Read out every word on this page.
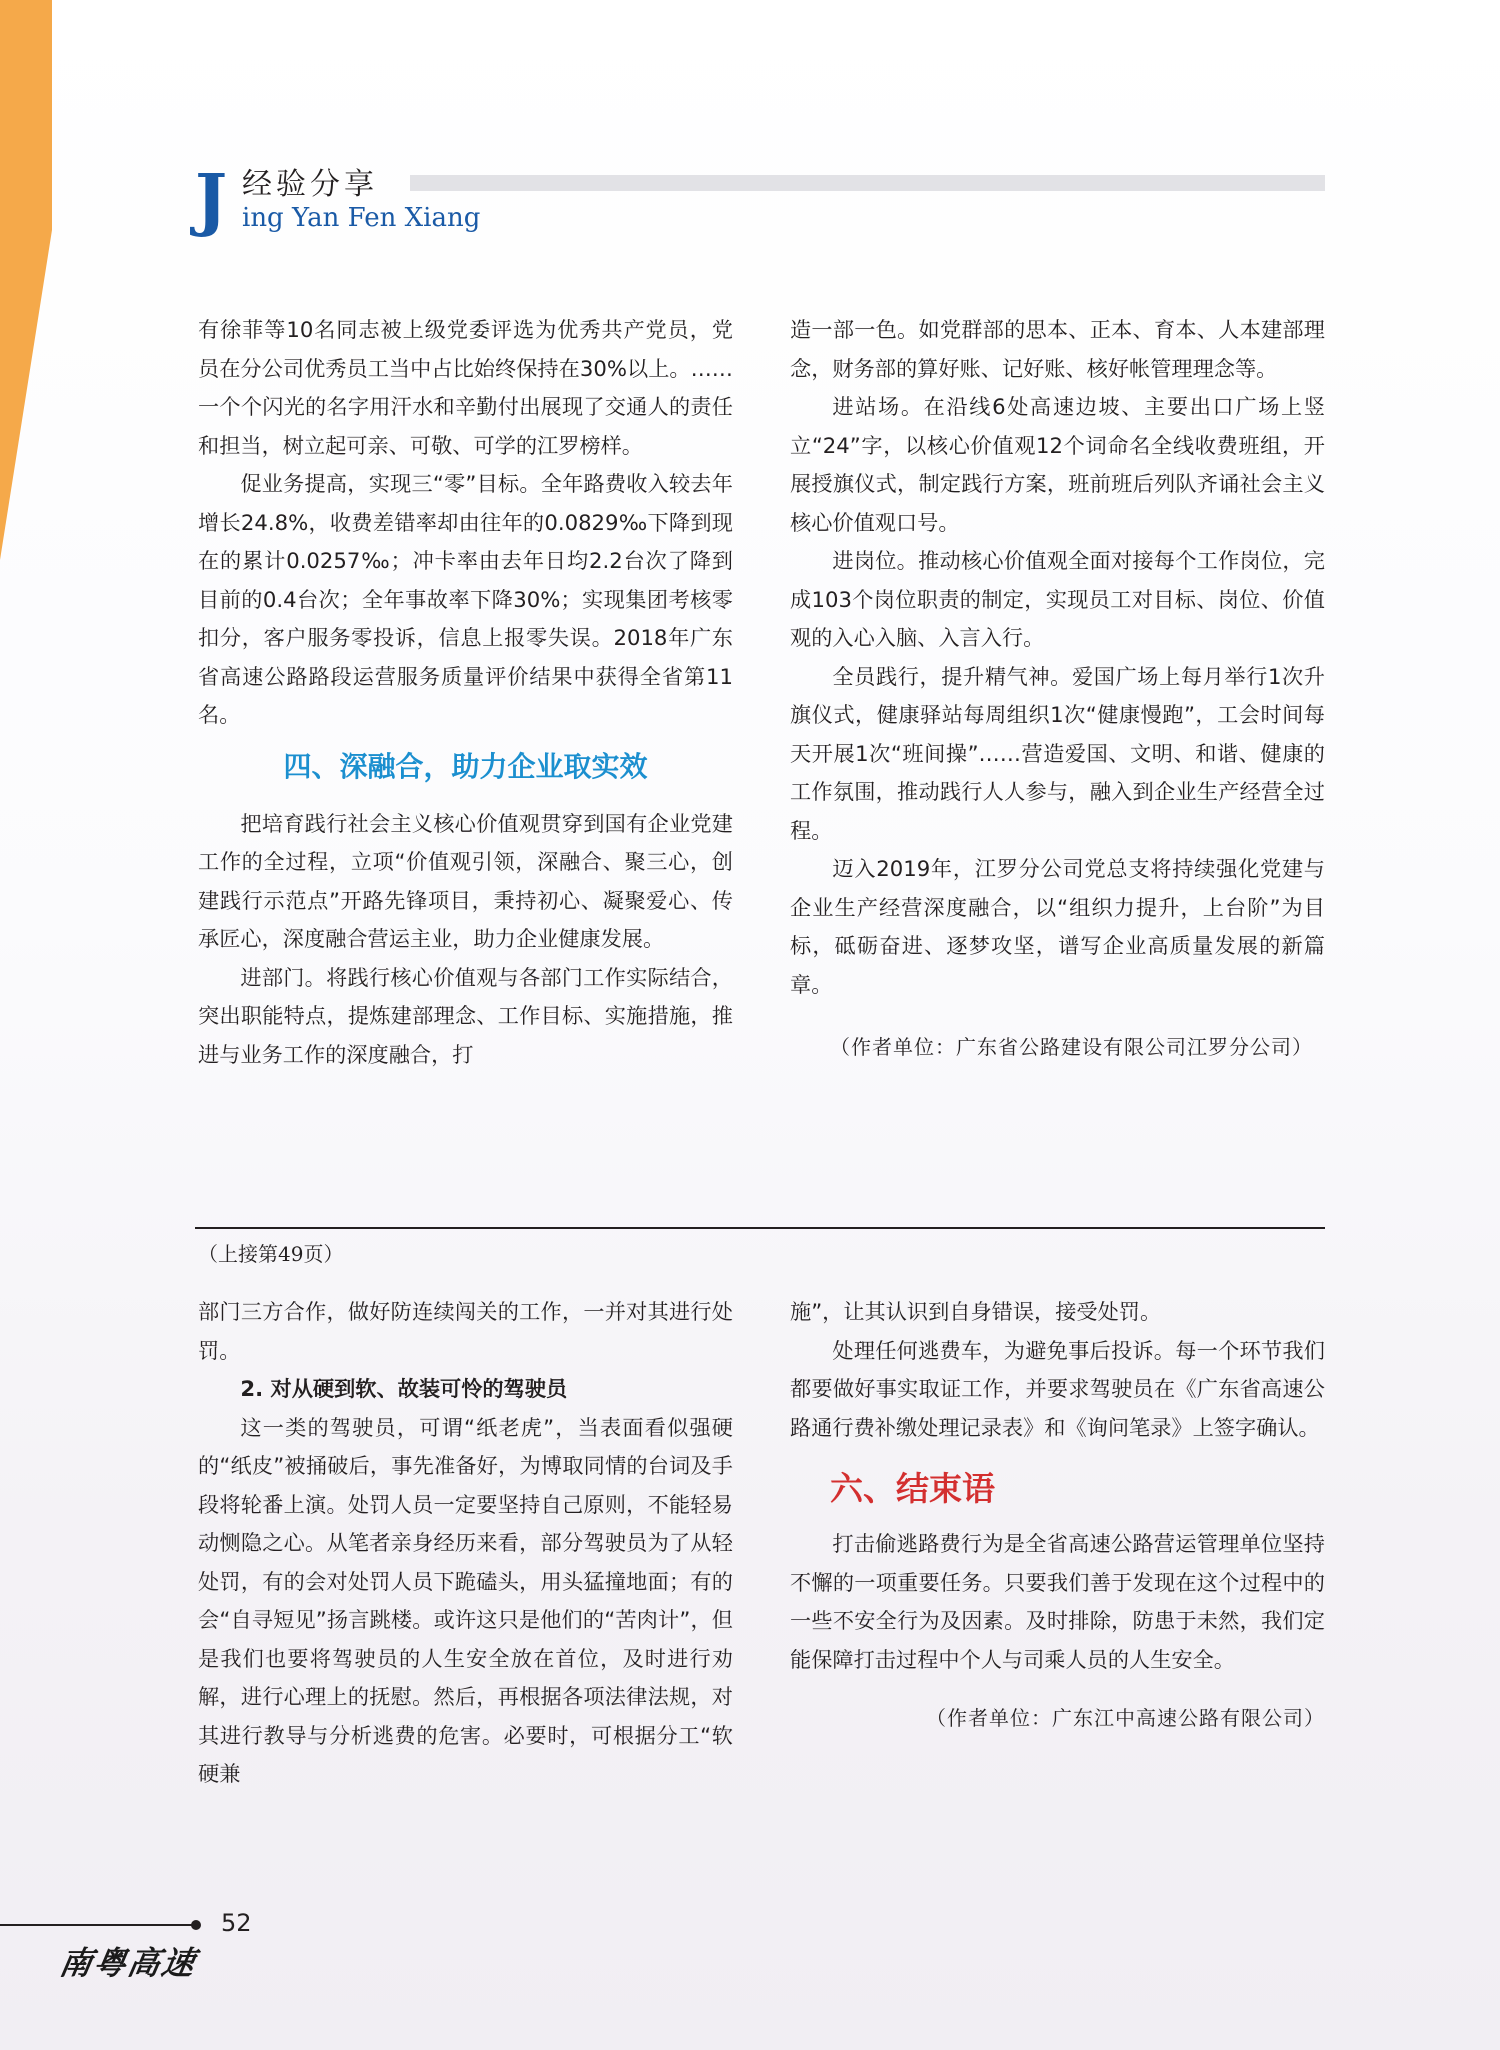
J 经验分享
ing Yan Fen Xiang

有徐菲等10名同志被上级党委评选为优秀共产党员，党员在分公司优秀员工当中占比始终保持在30%以上。……一个个闪光的名字用汗水和辛勤付出展现了交通人的责任和担当，树立起可亲、可敬、可学的江罗榜样。

促业务提高，实现三“零”目标。全年路费收入较去年增长24.8%，收费差错率却由往年的0.0829‰下降到现在的累计0.0257‰；冲卡率由去年日均2.2台次了降到目前的0.4台次；全年事故率下降30%；实现集团考核零扣分，客户服务零投诉，信息上报零失误。2018年广东省高速公路路段运营服务质量评价结果中获得全省第11名。

四、深融合，助力企业取实效

把培育践行社会主义核心价值观贯穿到国有企业党建工作的全过程，立项“价值观引领，深融合、聚三心，创建践行示范点”开路先锋项目，秉持初心、凝聚爱心、传承匠心，深度融合营运主业，助力企业健康发展。

进部门。将践行核心价值观与各部门工作实际结合，突出职能特点，提炼建部理念、工作目标、实施措施，推进与业务工作的深度融合，打

造一部一色。如党群部的思本、正本、育本、人本建部理念，财务部的算好账、记好账、核好帐管理理念等。

进站场。在沿线6处高速边坡、主要出口广场上竖立“24”字，以核心价值观12个词命名全线收费班组，开展授旗仪式，制定践行方案，班前班后列队齐诵社会主义核心价值观口号。

进岗位。推动核心价值观全面对接每个工作岗位，完成103个岗位职责的制定，实现员工对目标、岗位、价值观的入心入脑、入言入行。

全员践行，提升精气神。爱国广场上每月举行1次升旗仪式，健康驿站每周组织1次“健康慢跑”，工会时间每天开展1次“班间操”……营造爱国、文明、和谐、健康的工作氛围，推动践行人人参与，融入到企业生产经营全过程。

迈入2019年，江罗分公司党总支将持续强化党建与企业生产经营深度融合，以“组织力提升，上台阶”为目标，砥砺奋进、逐梦攻坚，谱写企业高质量发展的新篇章。

（作者单位：广东省公路建设有限公司江罗分公司）

（上接第49页）

部门三方合作，做好防连续闯关的工作，一并对其进行处罚。

2. 对从硬到软、故装可怜的驾驶员

这一类的驾驶员，可谓“纸老虎”，当表面看似强硬的“纸皮”被捅破后，事先准备好，为博取同情的台词及手段将轮番上演。处罚人员一定要坚持自己原则，不能轻易动恻隐之心。从笔者亲身经历来看，部分驾驶员为了从轻处罚，有的会对处罚人员下跪磕头，用头猛撞地面；有的会“自寻短见”扬言跳楼。或许这只是他们的“苦肉计”，但是我们也要将驾驶员的人生安全放在首位，及时进行劝解，进行心理上的抚慰。然后，再根据各项法律法规，对其进行教导与分析逃费的危害。必要时，可根据分工“软硬兼

施”，让其认识到自身错误，接受处罚。

处理任何逃费车，为避免事后投诉。每一个环节我们都要做好事实取证工作，并要求驾驶员在《广东省高速公路通行费补缴处理记录表》和《询问笔录》上签字确认。

六、结束语

打击偷逃路费行为是全省高速公路营运管理单位坚持不懈的一项重要任务。只要我们善于发现在这个过程中的一些不安全行为及因素。及时排除，防患于未然，我们定能保障打击过程中个人与司乘人员的人生安全。

（作者单位：广东江中高速公路有限公司）

52
南粤高速
